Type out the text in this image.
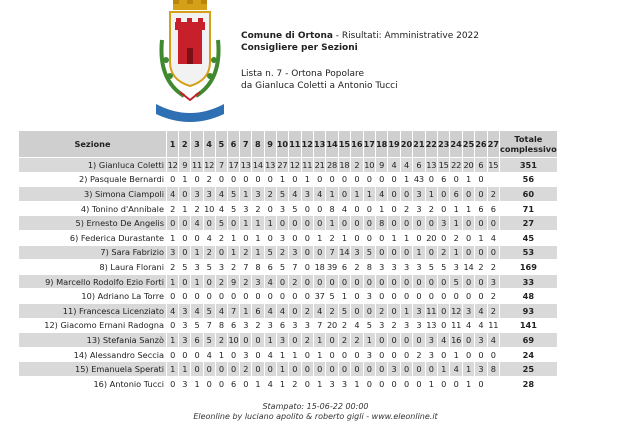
Comune di Ortona - Risultati: Amministrative 2022
Consigliere per Sezioni
Lista n. 7 - Ortona Popolare
da Gianluca Coletti a Antonio Tucci
Sezione	1	2	3	4	5	6	7	8	9	10	11	12	13	14	15	16	17	18	19	20	21	22	23	24	25	26	27	Totale complessivo
1) Gianluca Coletti	12	9	11	12	7	17	13	14	13	27	12	11	21	28	18	2	10	9	4	4	6	13	15	22	20	6	15	351
2) Pasquale Bernardi	0	1	0	2	0	0	0	0	0	1	0	1	0	0	0	0	0	0	0	1	43	0	6	0	1	0		56
3) Simona Ciampoli	4	0	3	3	4	5	1	3	2	5	4	3	4	1	0	1	1	4	0	0	3	1	0	6	0	0	2	60
4) Tonino d'Annibale	2	1	2	10	4	5	3	2	0	3	5	0	0	8	4	0	0	1	0	2	3	2	0	1	1	6	6	71
5) Ernesto De Angelis	0	0	4	0	5	0	1	1	1	0	0	0	0	1	0	0	0	8	0	0	0	0	3	1	0	0	0	27
6) Federica Durastante	1	0	0	4	2	1	0	1	0	3	0	0	1	2	1	0	0	0	1	1	0	20	0	2	0	1	4	45
7) Sara Fabrizio	3	0	1	2	0	1	2	1	5	2	3	0	0	7	14	3	5	0	0	0	1	0	2	1	0	0	0	53
8) Laura Florani	2	5	3	5	3	2	7	8	6	5	7	0	18	39	6	2	8	3	3	3	3	5	5	3	14	2	2	169
9) Marcello Rodolfo Ezio Forti	1	0	1	0	2	9	2	3	4	0	2	0	0	0	0	0	0	0	0	0	0	0	0	5	0	0	3	33
10) Adriano La Torre	0	0	0	0	0	0	0	0	0	0	0	0	37	5	1	0	3	0	0	0	0	0	0	0	0	0	2	48
11) Francesca Licenziato	4	3	4	5	4	7	1	6	4	4	0	2	4	2	5	0	0	2	0	1	3	11	0	12	3	4	2	93
12) Giacomo Ernani Radogna	0	3	5	7	8	6	3	2	3	6	3	3	7	20	2	4	5	3	2	3	3	13	0	11	4	4	11	141
13) Stefania Sanzò	1	3	6	5	2	10	0	0	1	3	0	2	1	0	2	2	1	0	0	0	0	3	4	16	0	3	4	69
14) Alessandro Seccia	0	0	0	4	1	0	3	0	4	1	1	0	1	0	0	0	3	0	0	0	2	3	0	1	0	0	0	24
15) Emanuela Sperati	1	1	0	0	0	0	2	0	0	1	0	0	0	0	0	0	0	0	3	0	0	0	1	4	1	3	8	25
16) Antonio Tucci	0	3	1	0	0	6	0	1	4	1	2	0	1	3	3	1	0	0	0	0	0	1	0	0	1	0		28
Stampato: 15-06-22 00:00
Eleonline by luciano apolito & roberto gigli - www.eleonline.it
